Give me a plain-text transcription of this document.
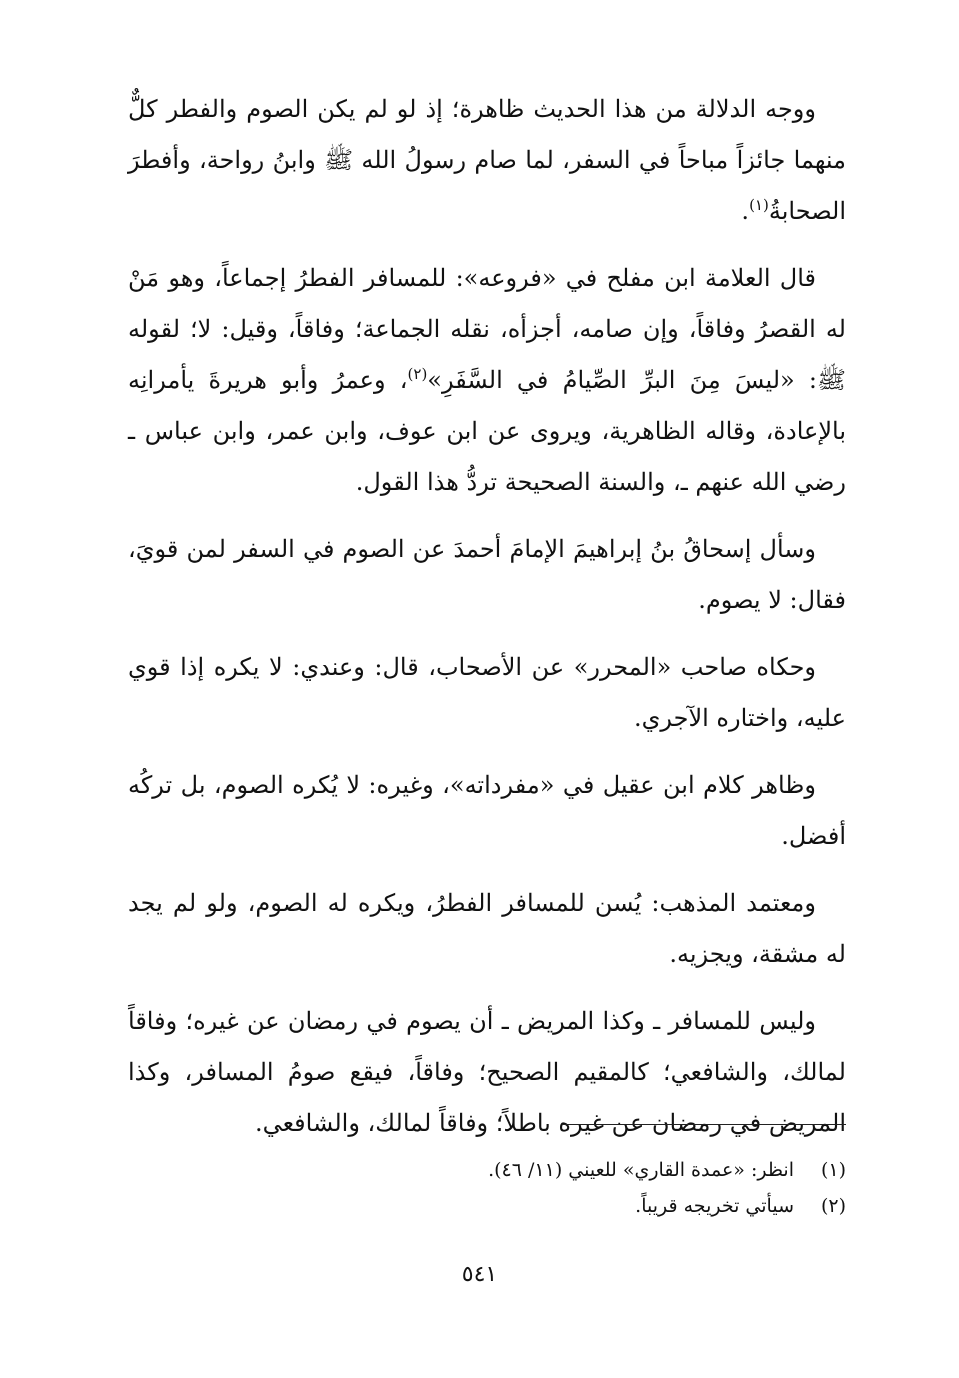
ووجه الدلالة من هذا الحديث ظاهرة؛ إذ لو لم يكن الصوم والفطر كلٌّ منهما جائزاً مباحاً في السفر، لما صام رسولُ الله ﷺ وابنُ رواحة، وأفطرَ الصحابةُ$^{(١)}$.

قال العلامة ابن مفلح في «فروعه»: للمسافر الفطرُ إجماعاً، وهو مَنْ له القصرُ وفاقاً، وإن صامه، أجزأه، نقله الجماعة؛ وفاقاً، وقيل: لا؛ لقوله ﷺ: «ليسَ مِنَ البرِّ الصِّيامُ في السَّفَرِ»$^{(٢)}$، وعمرُ وأبو هريرةَ يأمرانِه بالإعادة، وقاله الظاهرية، ويروى عن ابن عوف، وابن عمر، وابن عباس ـ رضي الله عنهم ـ، والسنة الصحيحة تردُّ هذا القول.

وسأل إسحاقُ بنُ إبراهيمَ الإمامَ أحمدَ عن الصوم في السفر لمن قويَ، فقال: لا يصوم.

وحكاه صاحب «المحرر» عن الأصحاب، قال: وعندي: لا يكره إذا قوي عليه، واختاره الآجري.

وظاهر كلام ابن عقيل في «مفرداته»، وغيره: لا يُكره الصوم، بل تركُه أفضل.

ومعتمد المذهب: يُسن للمسافر الفطرُ، ويكره له الصوم، ولو لم يجد له مشقة، ويجزيه.

وليس للمسافر ـ وكذا المريض ـ أن يصوم في رمضان عن غيره؛ وفاقاً لمالك، والشافعي؛ كالمقيم الصحيح؛ وفاقاً، فيقع صومُ المسافر، وكذا المريض في رمضان عن غيره باطلاً؛ وفاقاً لمالك، والشافعي.

(١)
انظر: «عمدة القاري» للعيني (١١/ ٤٦).
(٢)
سيأتي تخريجه قريباً.
٥٤١
